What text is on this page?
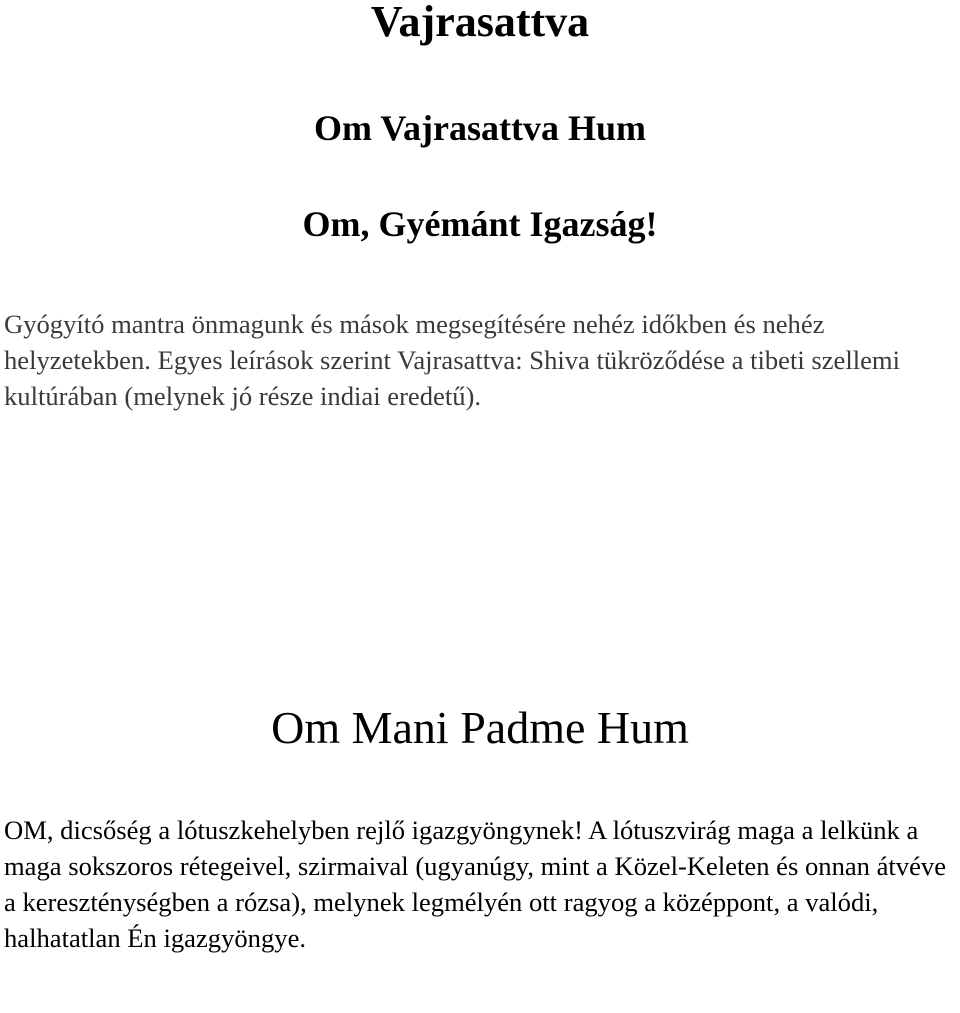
Vajrasattva
Om Vajrasattva Hum
Om, Gyémánt Igazság!

Gyógyító mantra önmagunk és mások megsegítésére nehéz időkben és nehéz helyzetekben. Egyes leírások szerint Vajrasattva: Shiva tükröződése a tibeti szellemi kultúrában (melynek jó része indiai eredetű).

Om Mani Padme Hum

OM, dicsőség a lótuszkehelyben rejlő igazgyöngynek! A lótuszvirág maga a lelkünk a maga sokszoros rétegeivel, szirmaival (ugyanúgy, mint a Közel-Keleten és onnan átvéve a kereszténységben a rózsa), melynek legmélyén ott ragyog a középpont, a valódi, halhatatlan Én igazgyöngye.
